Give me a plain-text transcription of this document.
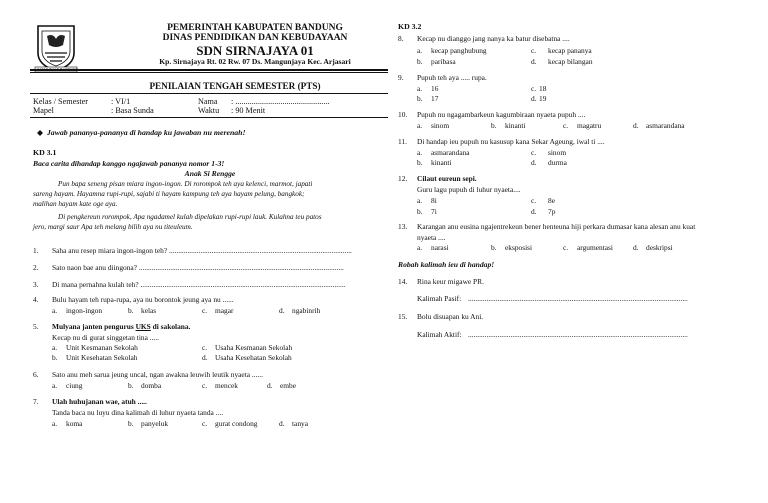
PEMERINTAH KABUPATEN BANDUNG
DINAS PENDIDIKAN DAN KEBUDAYAAN
SDN SIRNAJAYA 01
Kp. Sirnajaya Rt. 02 Rw. 07 Ds. Mangunjaya Kec. Arjasari
PENILAIAN TENGAH SEMESTER (PTS)
Kelas / Semester	: VI/1	Nama : ..............................................
Mapel	: Basa Sunda	Waktu : 90 Menit
◆  Jawab pananya-pananya di handap ku jawaban nu merenah!
KD 3.1
Baca carita dihandap kanggo ngajawab pananya nomor 1-3!
Anak Si Rengge
Pun bapa seneng pisan miara ingon-ingon. Di rorompok teh aya kelenci, marmot, japati
sareng hayam. Hayamna rupi-rupi, sajabi ti hayam kampung teh aya hayam pelung, bangkok;
malihan hayam kate oge aya.
Di pengkereun rorompok, Apa ngadamel kulah dipelakan rupi-rupi lauk. Kulahna teu patos
jero, margi saur Apa teh melang bilih aya nu titeuleum.
1. Saha anu resep miara ingon-ingon teh? ...................................................................................................
2. Sato naon bae anu diingona? ...............................................................................................................
3. Di mana pernahna kulah teh? ...............................................................................................................
4. Bulu hayam teh rupa-rupa, aya nu borontok jeung aya nu ......
a. ingon-ingon	b. kelas	c. magar	d. ngabinrih
5. Mulyana janten pengurus UKS di sakolana.
Kecap nu di gurat singgetan tina .....
a. Unit Kesmanan Sekolah	c. Usaha Kesmanan Sekolah
b. Unit Kesehatan Sekolah	d. Usaha Kesehatan Sekolah
6. Sato anu meh sarua jeung uncal, ngan awakna leuwih leutik nyaeta ......
a. ciung	b. domba	c. mencek	d. embe
7. Ulah huhujanan wae, atuh .....
Tanda baca nu luyu dina kalimah di luhur nyaeta tanda ....
a. koma	b. panyeluk	c. gurat condong	d. tanya
KD 3.2
8. Kecap nu dianggo jang nanya ka batur disebatna ....
a. kecap panghubung	c. kecap pananya
b. paribasa	d. kecap bilangan
9. Pupuh teh aya ..... rupa.
a. 16	c. 18
b. 17	d. 19
10. Pupuh nu ngagambarkeun kagumbiraan nyaeta pupuh ....
a. sinom	b. kinanti	c. magatru	d. asmarandana
11. Di handap ieu pupuh nu kasusup kana Sekar Ageung, iwal ti ....
a. asmarandana	c. sinom
b. kinanti	d. durma
12. Cilaut eureun sepi.
Guru lagu pupuh di luhur nyaeta....
a. 8i	c. 8e
b. 7i	d. 7p
13. Karangan anu eusina ngajentrekeun bener henteuna hiji perkara dumasar kana alesan anu kuat
nyaeta ....
a. narasi	b. eksposisi	c. argumentasi	d. deskripsi
Robah kalimah ieu di handap!
14. Rina keur migawe PR.
Kalimah Pasif: .......................................................................................................................
15. Bolu disuapan ku Ani.
Kalimah Aktif: .......................................................................................................................
